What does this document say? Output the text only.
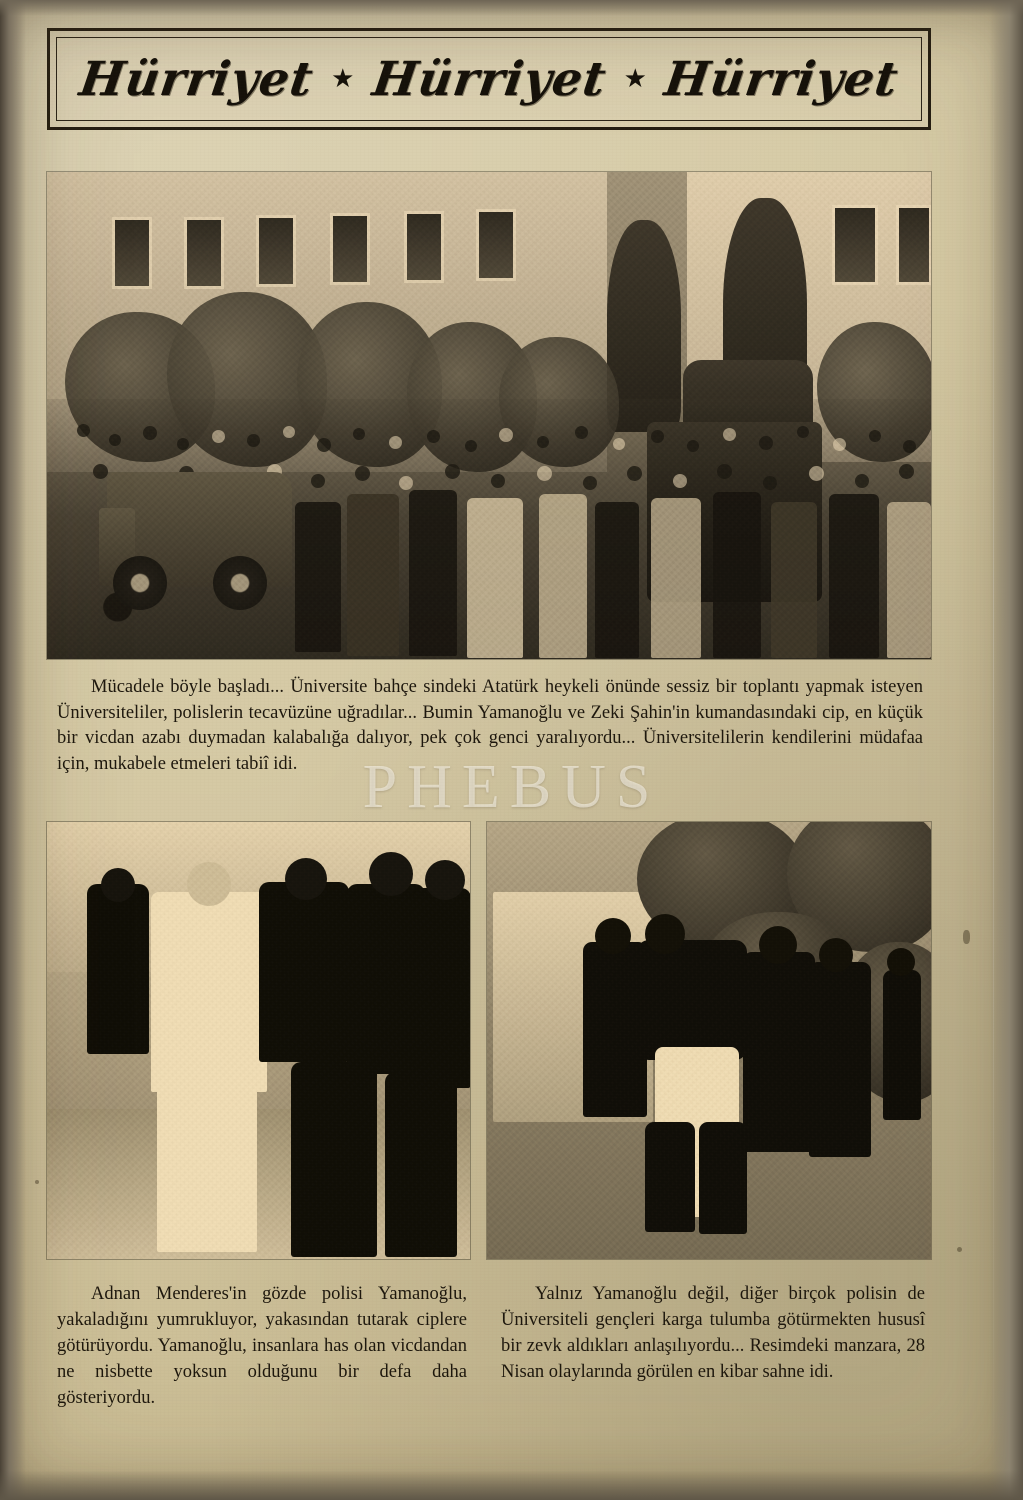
Hürriyet ★ Hürriyet ★ Hürriyet
Mücadele böyle başladı... Üniversite bahçe sindeki Atatürk heykeli önünde sessiz bir toplantı yapmak isteyen Üniversiteliler, polislerin tecavüzüne uğradılar... Bumin Yamanoğlu ve Zeki Şahin'in kumandasındaki cip, en küçük bir vicdan azabı duymadan kalabalığa dalıyor, pek çok genci yaralıyordu... Üniversitelilerin kendilerini müdafaa için, mukabele etmeleri tabiî idi.	PHEBUS
Adnan Menderes'in gözde polisi Yamanoğlu, yakaladığını yumrukluyor, yakasından tutarak ciplere götürüyordu. Yamanoğlu, insanlara has olan vicdandan ne nisbette yoksun olduğunu bir defa daha gösteriyordu.
Yalnız Yamanoğlu değil, diğer birçok polisin de Üniversiteli gençleri karga tulumba götürmekten hususî bir zevk aldıkları anlaşılıyordu... Resimdeki manzara, 28 Nisan olaylarında görülen en kibar sahne idi.
